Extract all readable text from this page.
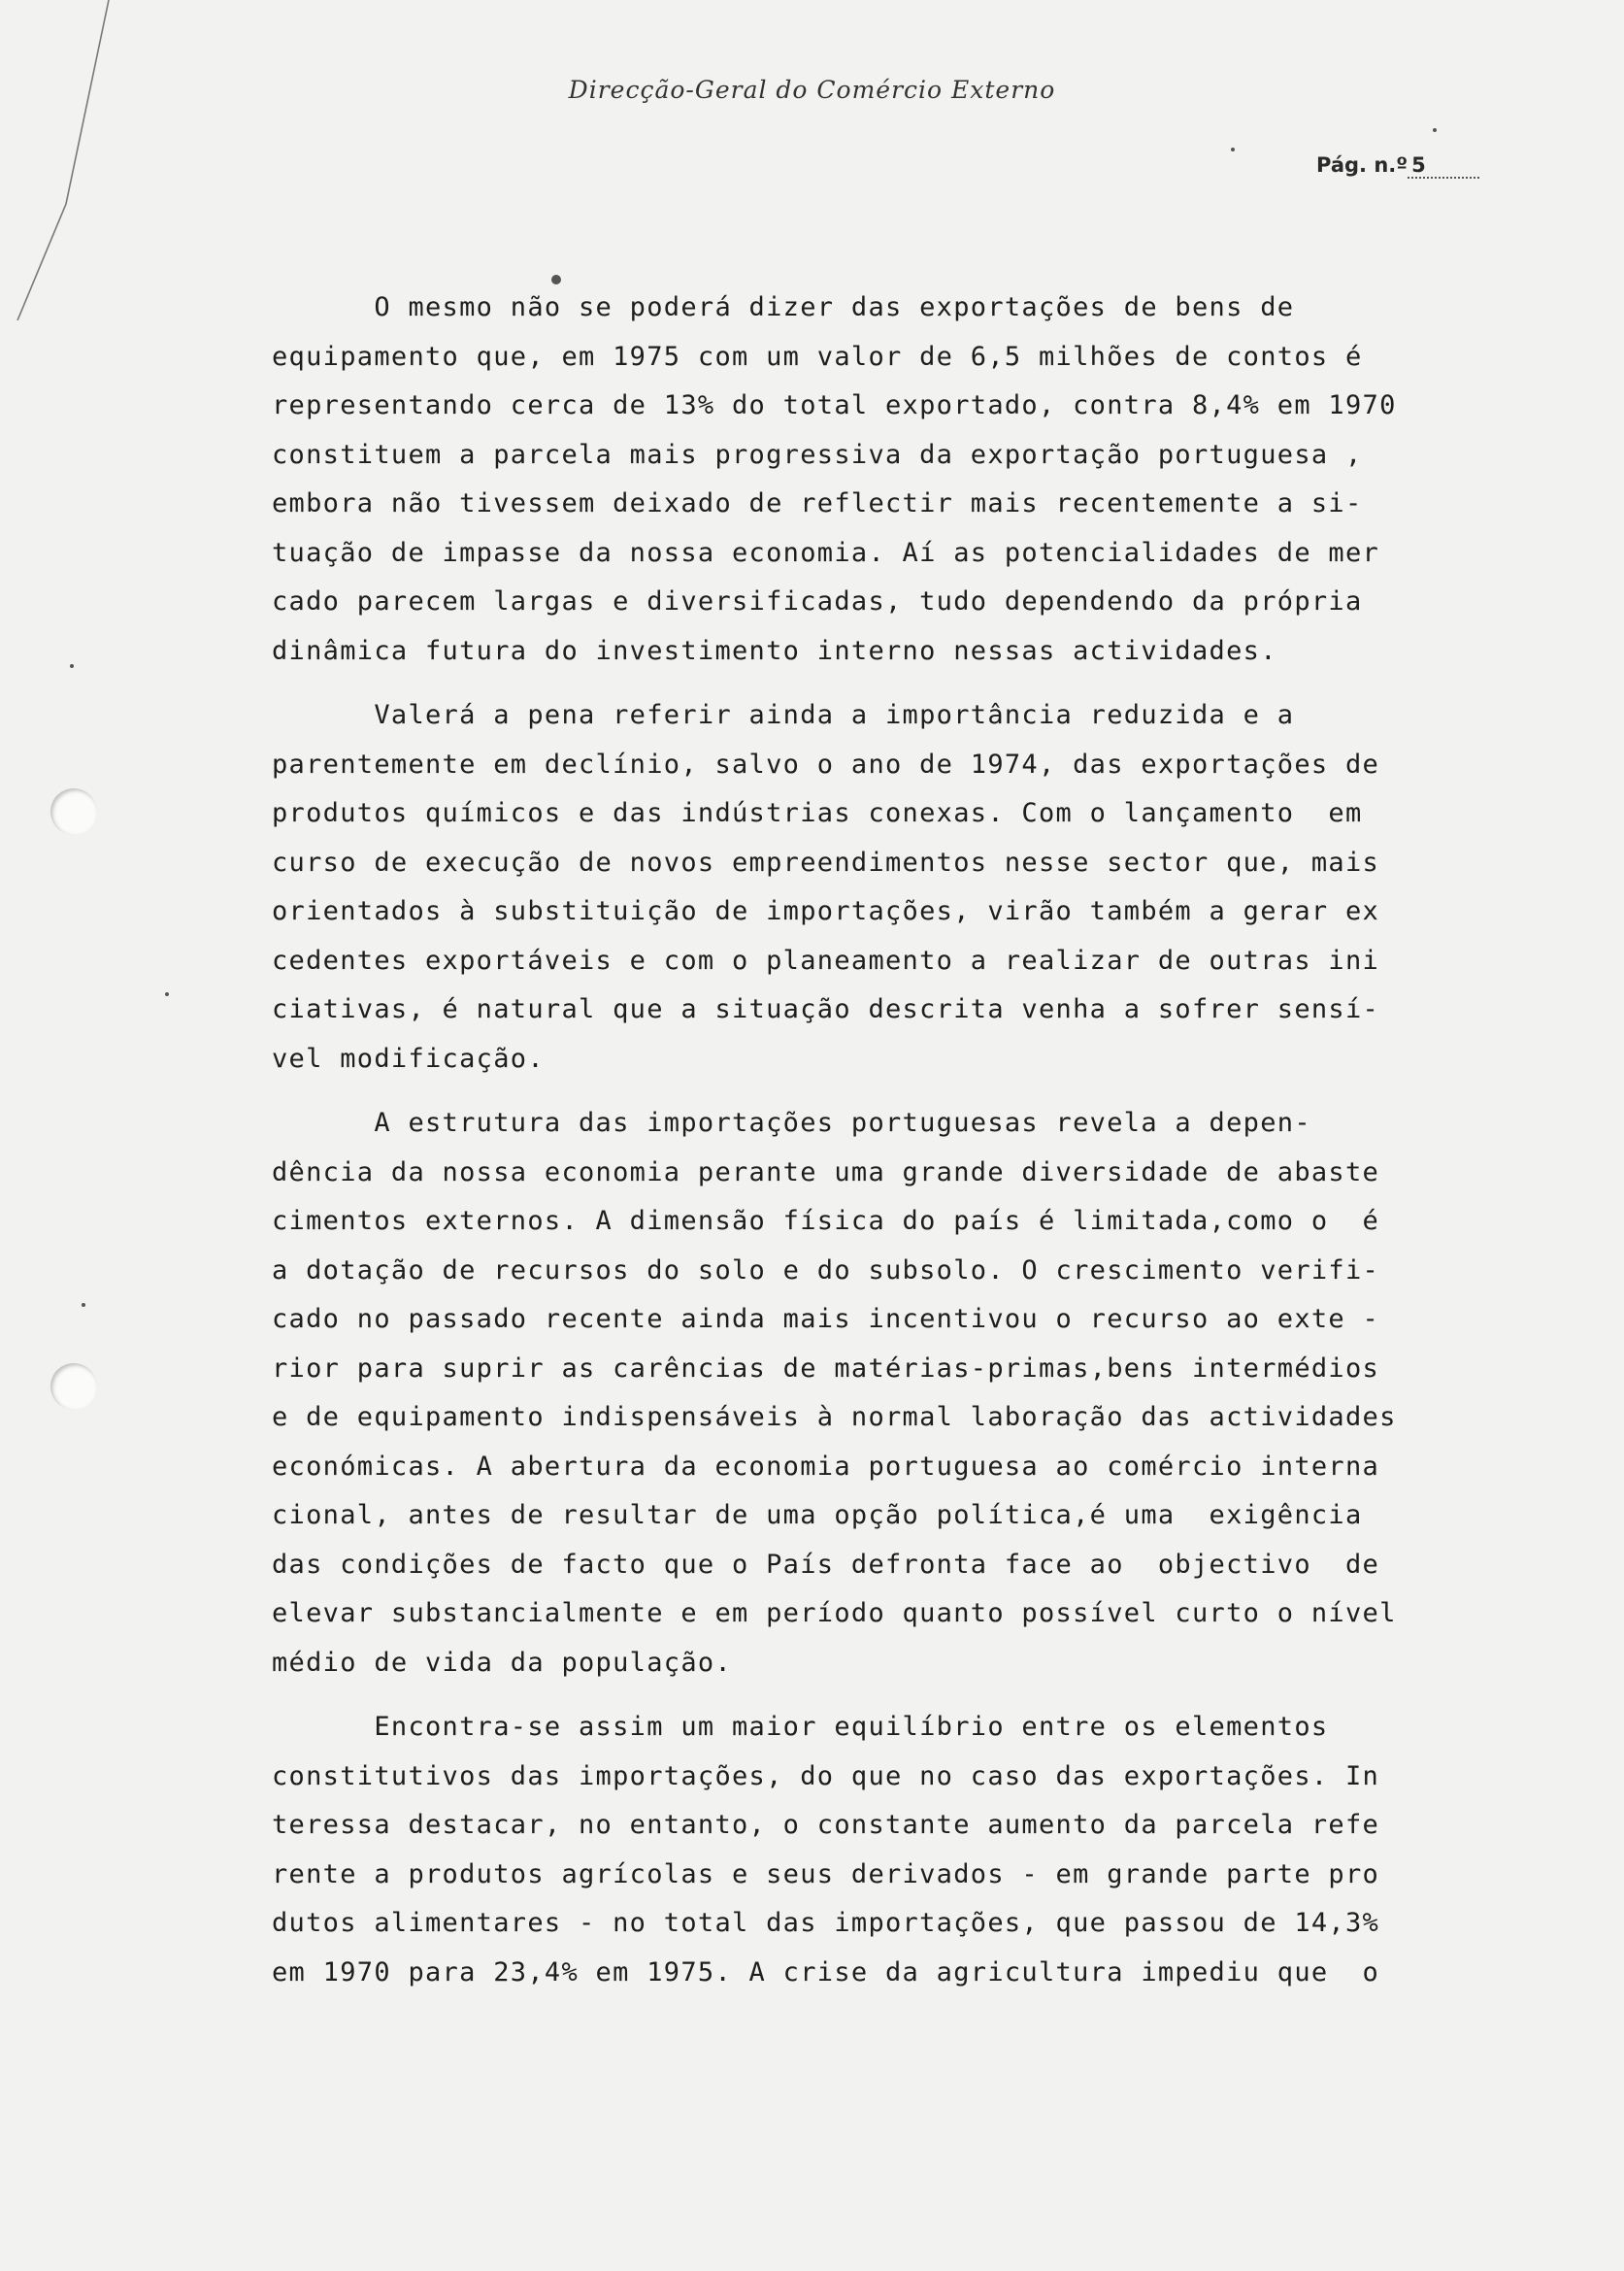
Direcção-Geral do Comércio Externo
Pág. n.º 5
O mesmo não se poderá dizer das exportações de bens de
equipamento que, em 1975 com um valor de 6,5 milhões de contos é
representando cerca de 13% do total exportado, contra 8,4% em 1970
constituem a parcela mais progressiva da exportação portuguesa ,
embora não tivessem deixado de reflectir mais recentemente a si-
tuação de impasse da nossa economia. Aí as potencialidades de mer
cado parecem largas e diversificadas, tudo dependendo da própria
dinâmica futura do investimento interno nessas actividades.
Valerá a pena referir ainda a importância reduzida e a
parentemente em declínio, salvo o ano de 1974, das exportações de
produtos químicos e das indústrias conexas. Com o lançamento  em
curso de execução de novos empreendimentos nesse sector que, mais
orientados à substituição de importações, virão também a gerar ex
cedentes exportáveis e com o planeamento a realizar de outras ini
ciativas, é natural que a situação descrita venha a sofrer sensí-
vel modificação.
A estrutura das importações portuguesas revela a depen-
dência da nossa economia perante uma grande diversidade de abaste
cimentos externos. A dimensão física do país é limitada,como o  é
a dotação de recursos do solo e do subsolo. O crescimento verifi-
cado no passado recente ainda mais incentivou o recurso ao exte -
rior para suprir as carências de matérias-primas,bens intermédios
e de equipamento indispensáveis à normal laboração das actividades
económicas. A abertura da economia portuguesa ao comércio interna
cional, antes de resultar de uma opção política,é uma  exigência
das condições de facto que o País defronta face ao  objectivo  de
elevar substancialmente e em período quanto possível curto o nível
médio de vida da população.
Encontra-se assim um maior equilíbrio entre os elementos
constitutivos das importações, do que no caso das exportações. In
teressa destacar, no entanto, o constante aumento da parcela refe
rente a produtos agrícolas e seus derivados - em grande parte pro
dutos alimentares - no total das importações, que passou de 14,3%
em 1970 para 23,4% em 1975. A crise da agricultura impediu que  o
